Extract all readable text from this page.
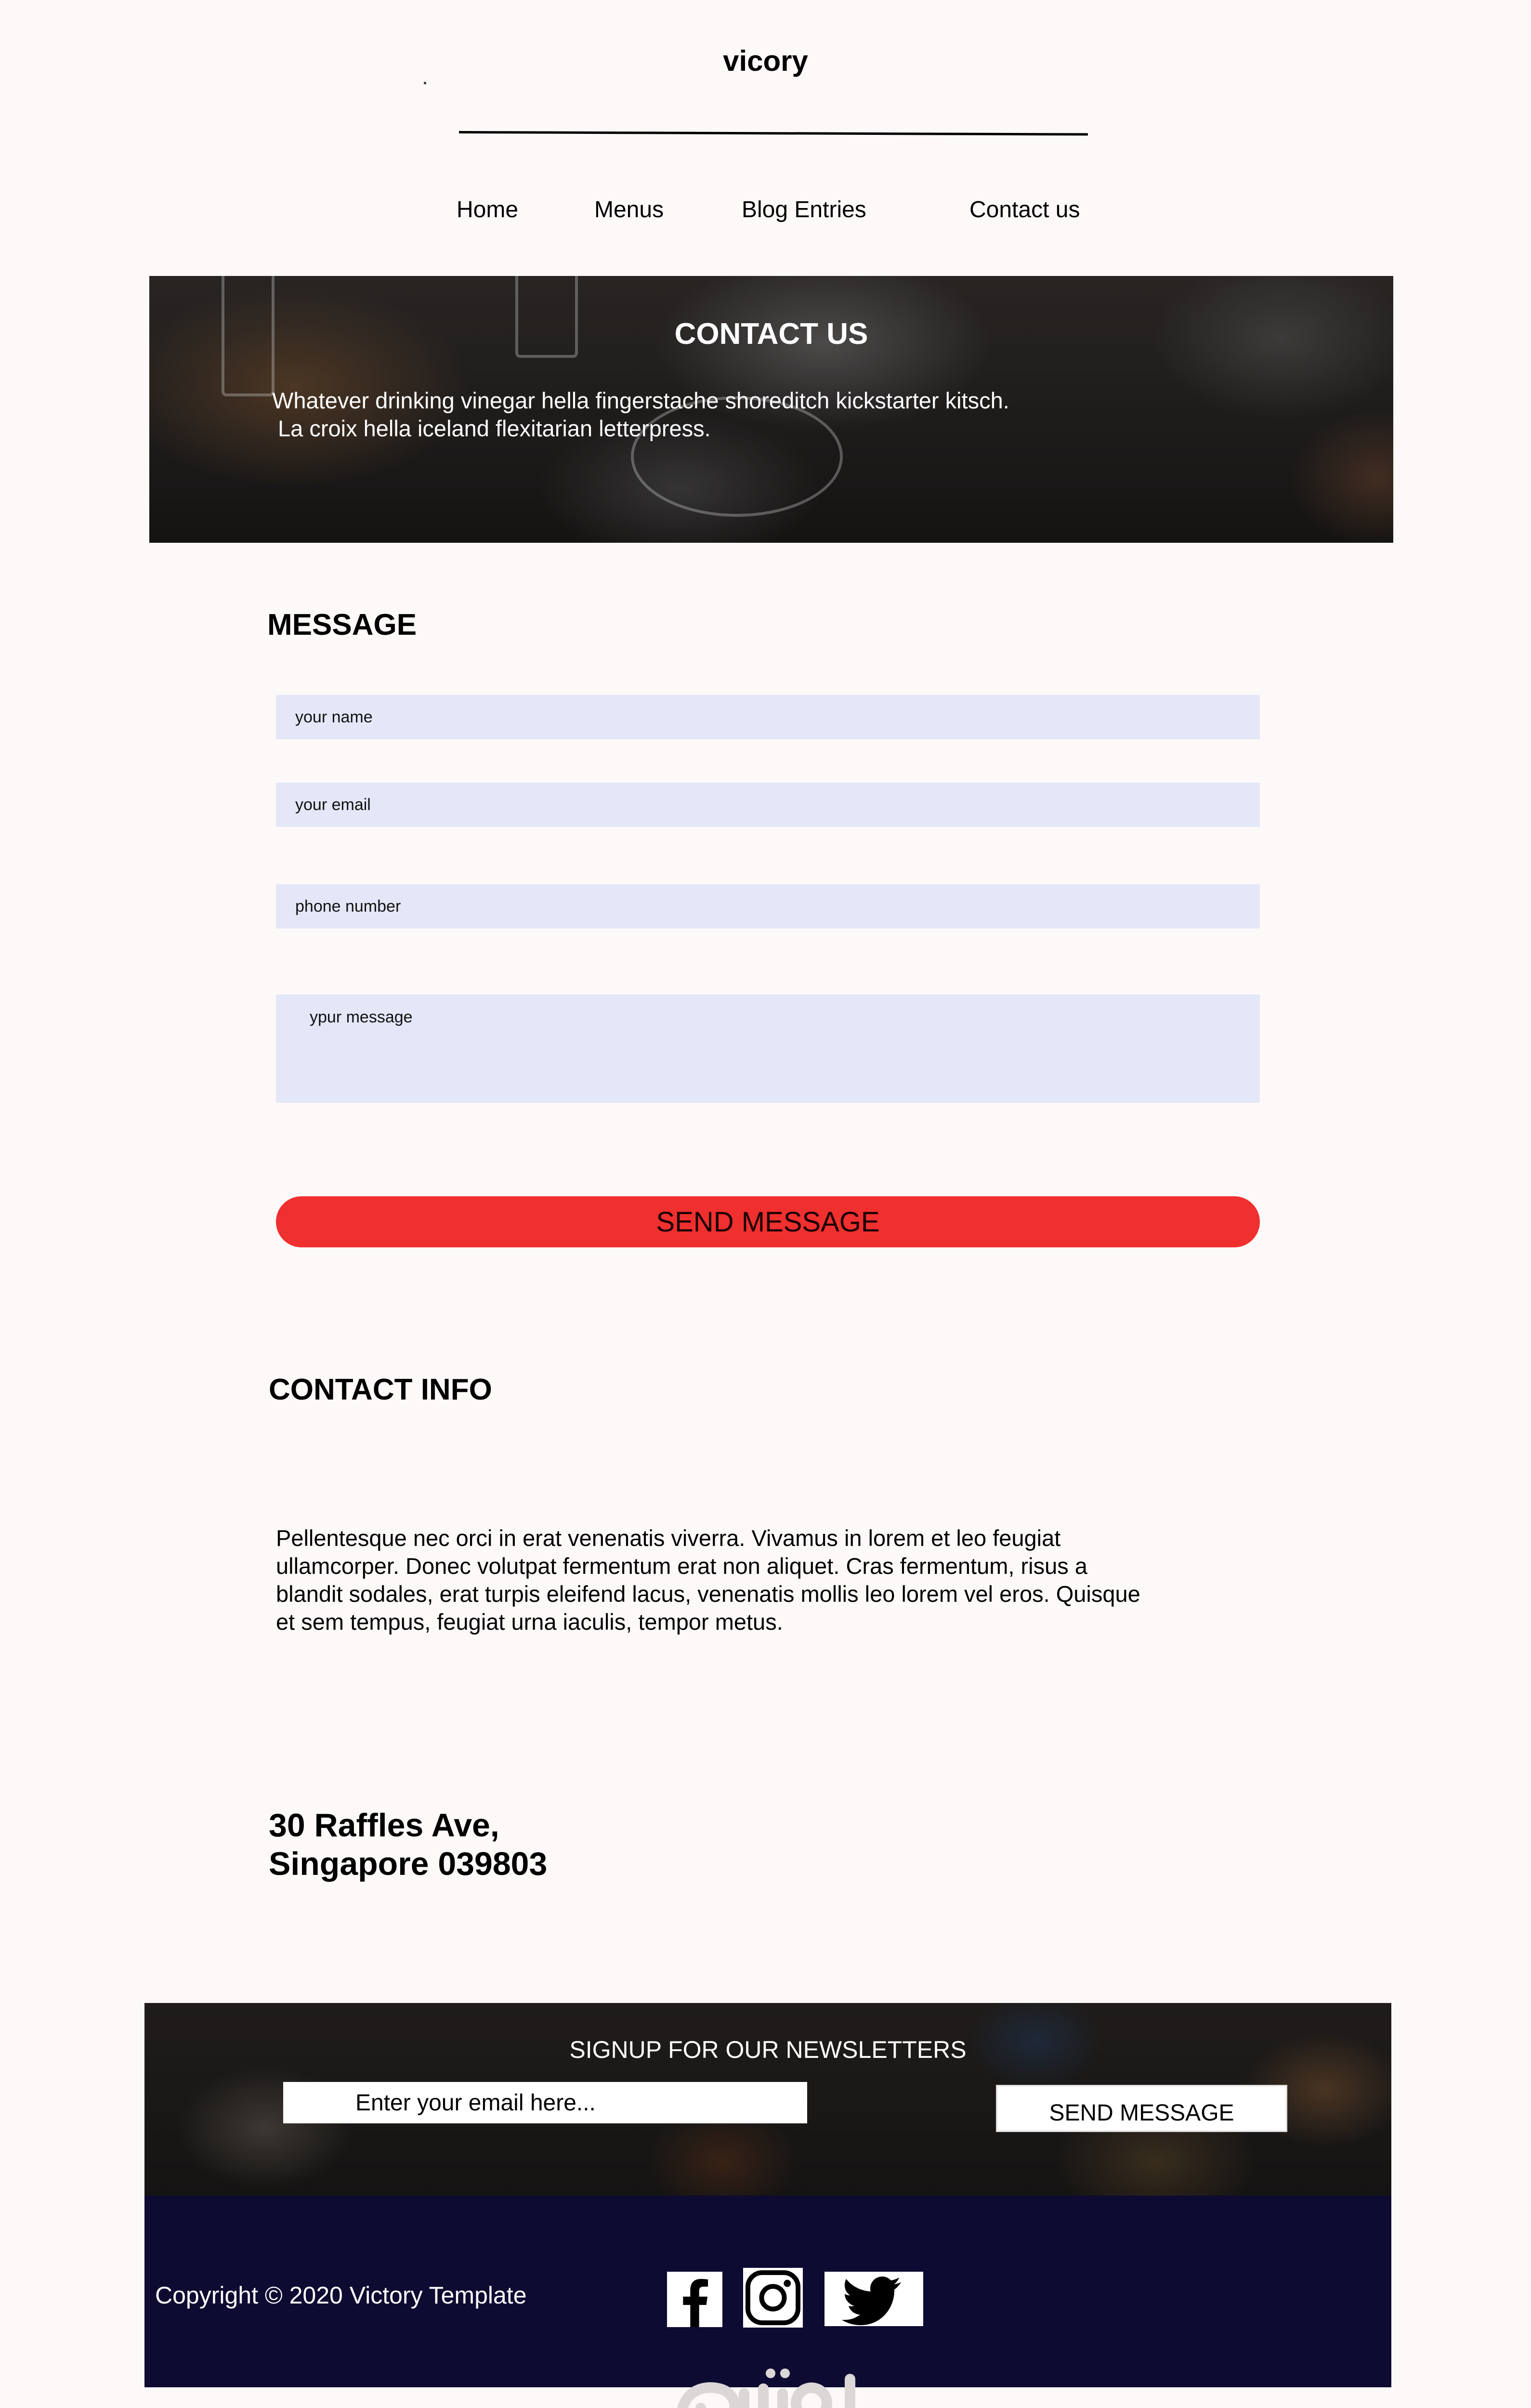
vicory
Home	Menus	Blog Entries	Contact us
CONTACT US
Whatever drinking vinegar hella fingerstache shoreditch kickstarter kitsch.
La croix hella iceland flexitarian letterpress.
MESSAGE
your name
your email
phone number
ypur message
SEND MESSAGE
CONTACT INFO

Pellentesque nec orci in erat venenatis viverra. Vivamus in lorem et leo feugiat ullamcorper. Donec volutpat fermentum erat non aliquet. Cras fermentum, risus a blandit sodales, erat turpis eleifend lacus, venenatis mollis leo lorem vel eros. Quisque et sem tempus, feugiat urna iaculis, tempor metus.

30 Raffles Ave,
Singapore 039803
SIGNUP FOR OUR NEWSLETTERS
Enter your email here...
SEND MESSAGE
Copyright © 2020 Victory Template
